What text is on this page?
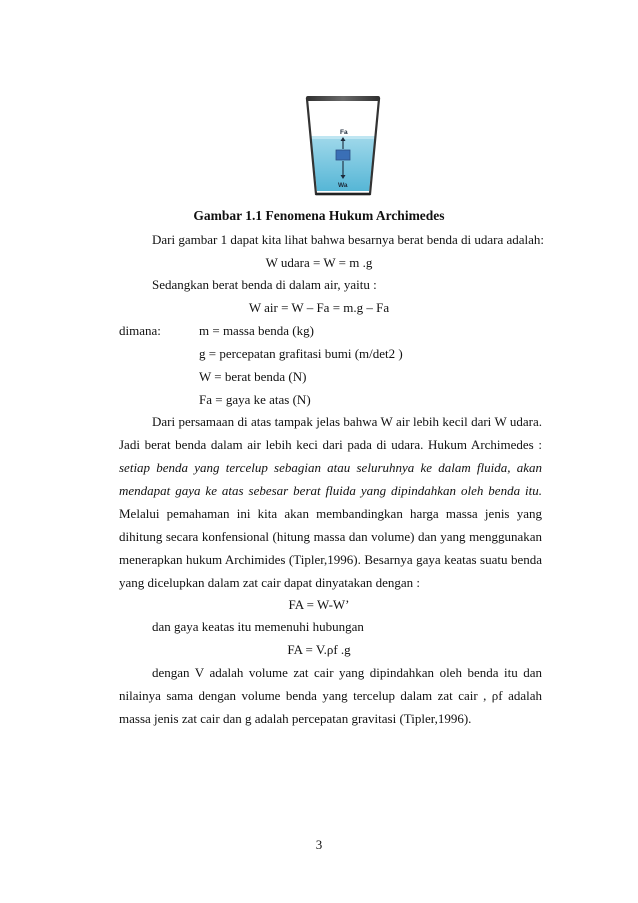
Fa
Wa
Gambar 1.1 Fenomena Hukum Archimedes
Dari gambar 1 dapat kita lihat bahwa besarnya berat benda di udara adalah:
W udara = W = m .g
Sedangkan berat benda di dalam air, yaitu :
W air = W – Fa = m.g – Fa
dimana:	m = massa benda (kg)
g = percepatan grafitasi bumi (m/det2 )
W = berat benda (N)
Fa = gaya ke atas (N)
Dari persamaan di atas tampak jelas bahwa W air lebih kecil dari W udara.
Jadi berat benda dalam air lebih keci dari pada di udara. Hukum Archimedes :
setiap benda yang tercelup sebagian atau seluruhnya ke dalam fluida, akan
mendapat gaya ke atas sebesar berat fluida yang dipindahkan oleh benda itu.
Melalui pemahaman ini kita akan membandingkan harga massa jenis yang
dihitung secara konfensional (hitung massa dan volume) dan yang menggunakan
menerapkan hukum Archimides (Tipler,1996). Besarnya gaya keatas suatu benda
yang dicelupkan dalam zat cair dapat dinyatakan dengan :
FA = W-W’
dan gaya keatas itu memenuhi hubungan
FA = V.ρf .g
dengan V adalah volume zat cair yang dipindahkan oleh benda itu dan
nilainya sama dengan volume benda yang tercelup dalam zat cair , ρf adalah
massa jenis zat cair dan g adalah percepatan gravitasi (Tipler,1996).
3
